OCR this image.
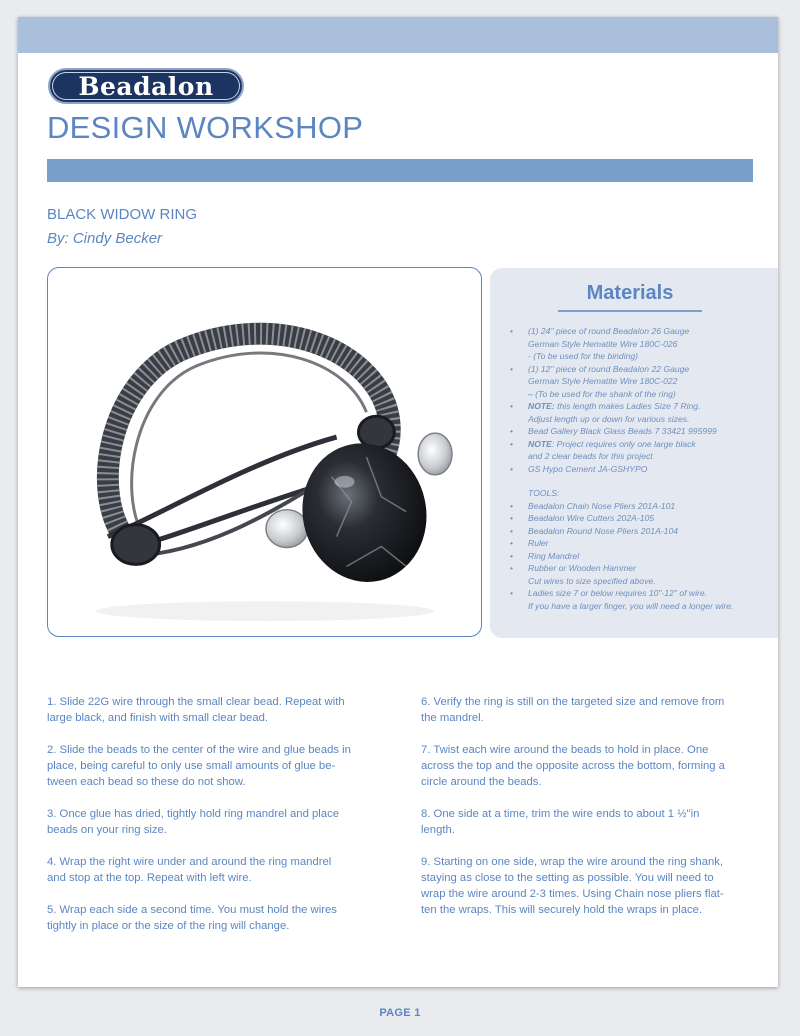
Beadalon
DESIGN WORKSHOP
BLACK WIDOW RING
By: Cindy Becker
Materials
• (1) 24" piece of round Beadalon 26 Gauge
German Style Hematite Wire 180C-026
- (To be used for the binding)
• (1) 12" piece of round Beadalon 22 Gauge
German Style Hematite Wire 180C-022
– (To be used for the shank of the ring)
• NOTE: this length makes Ladies Size 7 Ring.
Adjust length up or down for various sizes.
• Bead Gallery Black Glass Beads 7 33421 995999
• NOTE: Project requires only one large black
and 2 clear beads for this project
• GS Hypo Cement JA-GSHYPO
TOOLS:
• Beadalon Chain Nose Pliers 201A-101
• Beadalon Wire Cutters 202A-105
• Beadalon Round Nose Pliers 201A-104
• Ruler
• Ring Mandrel
• Rubber or Wooden Hammer
Cut wires to size specified above.
• Ladies size 7 or below requires 10"-12" of wire.
If you have a larger finger, you will need a longer wire.

1. Slide 22G wire through the small clear bead. Repeat with
large black, and finish with small clear bead.

2. Slide the beads to the center of the wire and glue beads in
place, being careful to only use small amounts of glue be-
tween each bead so these do not show.

3. Once glue has dried, tightly hold ring mandrel and place
beads on your ring size.

4. Wrap the right wire under and around the ring mandrel
and stop at the top. Repeat with left wire.

5. Wrap each side a second time. You must hold the wires
tightly in place or the size of the ring will change.

6. Verify the ring is still on the targeted size and remove from
the mandrel.

7. Twist each wire around the beads to hold in place. One
across the top and the opposite across the bottom, forming a
circle around the beads.

8. One side at a time, trim the wire ends to about 1 ½"in
length.

9. Starting on one side, wrap the wire around the ring shank,
staying as close to the setting as possible. You will need to
wrap the wire around 2-3 times. Using Chain nose pliers flat-
ten the wraps. This will securely hold the wraps in place.

PAGE 1
